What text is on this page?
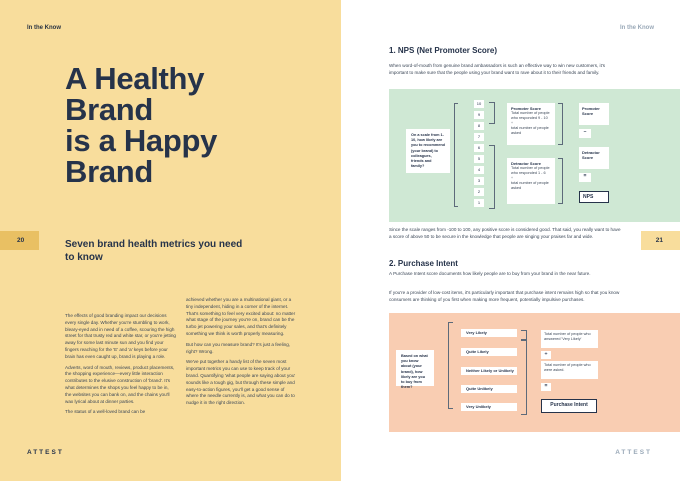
In the Know
A Healthy
Brand
is a Happy
Brand
20	Seven brand health metrics you need to know

The effects of good branding impact our decisions every single day. Whether you're stumbling to work, bleary-eyed and in need of a coffee, scouring the high street for that trusty red and white star, or you're jetting away for some last minute sun and you find your fingers reaching for the 'E' and 'a' keys before your brain has even caught up, brand is playing a role.

Adverts, word of mouth, reviews, product placements, the shopping experience—every little interaction contributes to the elusive construction of 'brand'. It's what determines the shops you feel happy to be in, the websites you can bank on, and the chains you'll wax lyrical about at dinner parties.

The status of a well-loved brand can be

achieved whether you are a multinational giant, or a tiny independent, hiding in a corner of the internet. That's something to feel very excited about: no matter what stage of the journey you're on, brand can be the turbo jet powering your sales, and that's definitely something we think is worth properly measuring.

But how can you measure brand? It's just a feeling, right? Wrong.

We've put together a handy list of the seven most important metrics you can use to keep track of your brand. Quantifying 'what people are saying about you' sounds like a tough gig, but through these simple and easy-to-action figures, you'll get a good sense of where the needle currently is, and what you can do to nudge it in the right direction.

ATTEST
In the Know
1. NPS (Net Promoter Score)
When word-of-mouth from genuine brand ambassadors is such an effective way to win new customers, it's important to make sure that the people using your brand want to rave about it to their friends and family.
On a scale from 1-10, how likely are you to recommend (your brand) to colleagues, friends and family?
10
9
8
7
6
5
4
3
2
1
Promoter Score
Total number of people who responded 9 - 10
÷
total number of people asked
Detractor Score
Total number of people who responded 1 - 6
÷
total number of people asked
Promoter Score
–
Detractor Score
=
NPS
Since the scale ranges from -100 to 100, any positive score is considered good. That said, you really want to have a score of above 50 to be secure in the knowledge that people are singing your praises far and wide.
21
2. Purchase Intent
A Purchase Intent score documents how likely people are to buy from your brand in the near future.
If you're a provider of low-cost items, it's particularly important that purchase intent remains high so that you know consumers are thinking of you first when making more frequent, potentially impulsive purchases.
Based on what you know about (your brand), how likely are you to buy from them?
Very Likely
Quite Likely
Neither Likely or Unlikely
Quite Unlikely
Very Unlikely
Total number of people who answered 'Very Likely'
÷
Total number of people who were asked.
=
Purchase Intent
ATTEST
